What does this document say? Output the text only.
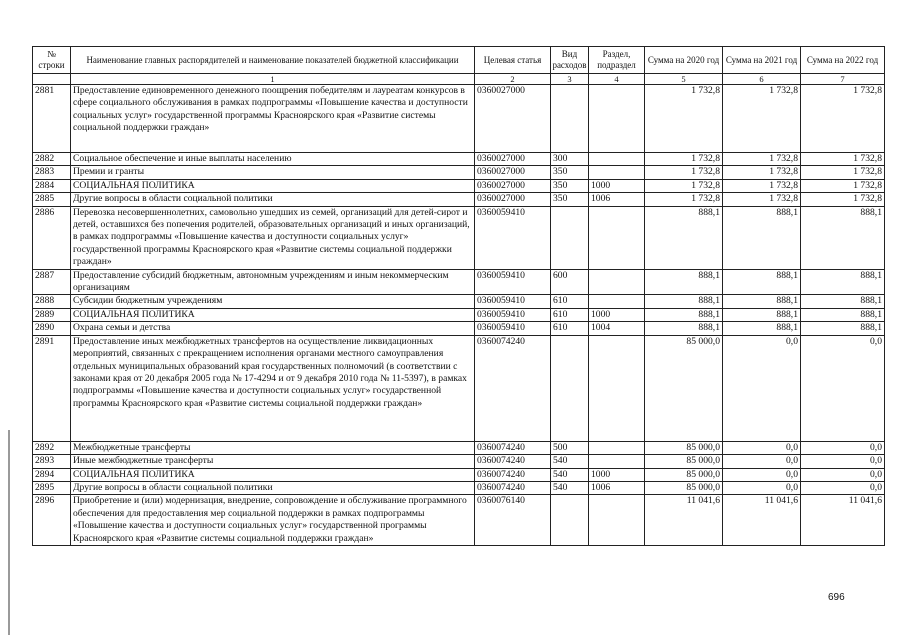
№ строки	Наименование главных распорядителей и наименование показателей бюджетной классификации	Целевая статья	Вид расходов	Раздел, подраздел	Сумма на 2020 год	Сумма на 2021 год	Сумма на 2022 год
	1	2	3	4	5	6	7
2881	Предоставление единовременного денежного поощрения победителям и лауреатам конкурсов в сфере социального обслуживания в рамках подпрограммы «Повышение качества и доступности социальных услуг» государственной программы Красноярского края «Развитие системы социальной поддержки граждан»	0360027000			1 732,8	1 732,8	1 732,8
2882	Социальное обеспечение и иные выплаты населению	0360027000	300		1 732,8	1 732,8	1 732,8
2883	Премии и гранты	0360027000	350		1 732,8	1 732,8	1 732,8
2884	СОЦИАЛЬНАЯ ПОЛИТИКА	0360027000	350	1000	1 732,8	1 732,8	1 732,8
2885	Другие вопросы в области социальной политики	0360027000	350	1006	1 732,8	1 732,8	1 732,8
2886	Перевозка несовершеннолетних, самовольно ушедших из семей, организаций для детей-сирот и детей, оставшихся без попечения родителей, образовательных организаций и иных организаций, в рамках подпрограммы «Повышение качества и доступности социальных услуг» государственной программы Красноярского края «Развитие системы социальной поддержки граждан»	0360059410			888,1	888,1	888,1
2887	Предоставление субсидий бюджетным, автономным учреждениям и иным некоммерческим организациям	0360059410	600		888,1	888,1	888,1
2888	Субсидии бюджетным учреждениям	0360059410	610		888,1	888,1	888,1
2889	СОЦИАЛЬНАЯ ПОЛИТИКА	0360059410	610	1000	888,1	888,1	888,1
2890	Охрана семьи и детства	0360059410	610	1004	888,1	888,1	888,1
2891	Предоставление иных межбюджетных трансфертов на осуществление ликвидационных мероприятий, связанных с прекращением исполнения органами местного самоуправления отдельных муниципальных образований края государственных полномочий (в соответствии с законами края от 20 декабря 2005 года № 17-4294 и от 9 декабря 2010 года № 11-5397), в рамках подпрограммы «Повышение качества и доступности социальных услуг» государственной программы Красноярского края «Развитие системы социальной поддержки граждан»	0360074240			85 000,0	0,0	0,0
2892	Межбюджетные трансферты	0360074240	500		85 000,0	0,0	0,0
2893	Иные межбюджетные трансферты	0360074240	540		85 000,0	0,0	0,0
2894	СОЦИАЛЬНАЯ ПОЛИТИКА	0360074240	540	1000	85 000,0	0,0	0,0
2895	Другие вопросы в области социальной политики	0360074240	540	1006	85 000,0	0,0	0,0
2896	Приобретение и (или) модернизация, внедрение, сопровождение и обслуживание программного обеспечения для предоставления мер социальной поддержки в рамках подпрограммы «Повышение качества и доступности социальных услуг» государственной программы Красноярского края «Развитие системы социальной поддержки граждан»	0360076140			11 041,6	11 041,6	11 041,6
696
